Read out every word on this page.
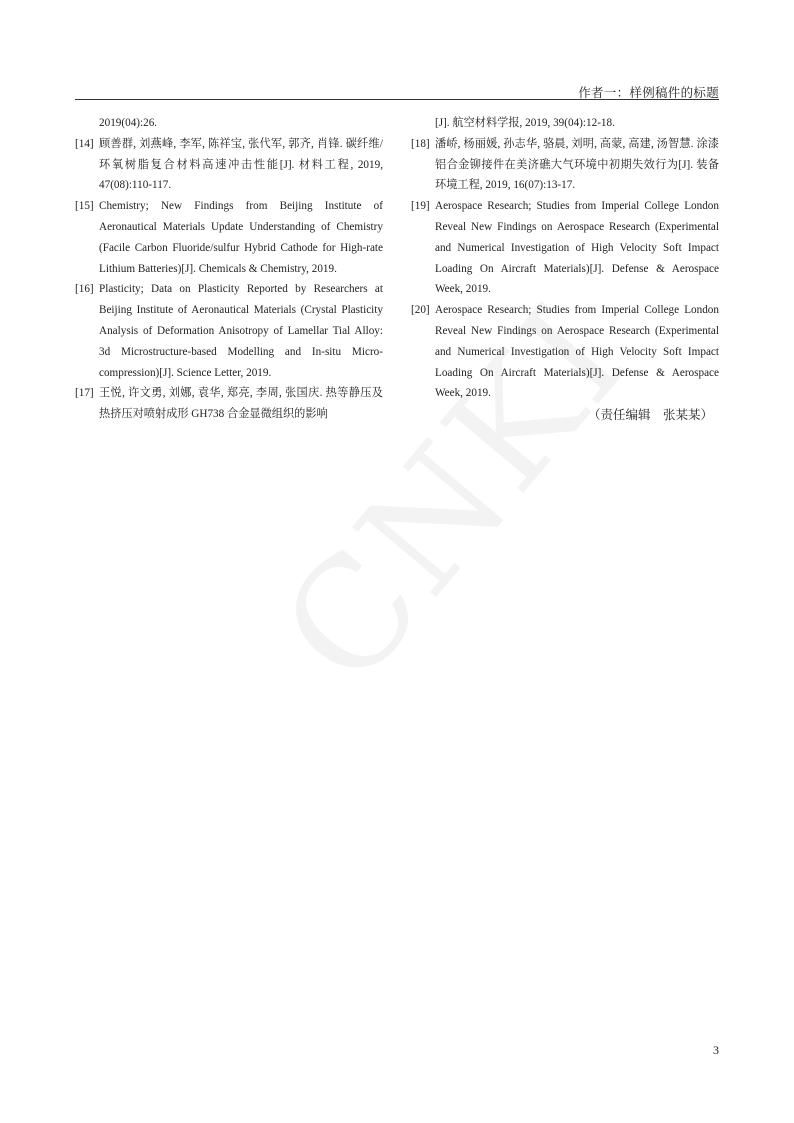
作者一：样例稿件的标题
2019(04):26.
[14] 顾善群, 刘燕峰, 李军, 陈祥宝, 张代军, 郭齐, 肖锋. 碳纤维/环氧树脂复合材料高速冲击性能[J]. 材料工程, 2019, 47(08):110-117.
[15] Chemistry; New Findings from Beijing Institute of Aeronautical Materials Update Understanding of Chemistry (Facile Carbon Fluoride/sulfur Hybrid Cathode for High-rate Lithium Batteries)[J]. Chemicals & Chemistry, 2019.
[16] Plasticity; Data on Plasticity Reported by Researchers at Beijing Institute of Aeronautical Materials (Crystal Plasticity Analysis of Deformation Anisotropy of Lamellar Tial Alloy: 3d Microstructure-based Modelling and In-situ Micro-compression)[J]. Science Letter, 2019.
[17] 王悦, 许文勇, 刘娜, 袁华, 郑亮, 李周, 张国庆. 热等静压及热挤压对喷射成形 GH738 合金显微组织的影响
[J]. 航空材料学报, 2019, 39(04):12-18.
[18] 潘峤, 杨丽媛, 孙志华, 骆晨, 刘明, 高蒙, 高建, 汤智慧. 涂漆铝合金铆接件在美济礁大气环境中初期失效行为[J]. 装备环境工程, 2019, 16(07):13-17.
[19] Aerospace Research; Studies from Imperial College London Reveal New Findings on Aerospace Research (Experimental and Numerical Investigation of High Velocity Soft Impact Loading On Aircraft Materials)[J]. Defense & Aerospace Week, 2019.
[20] Aerospace Research; Studies from Imperial College London Reveal New Findings on Aerospace Research (Experimental and Numerical Investigation of High Velocity Soft Impact Loading On Aircraft Materials)[J]. Defense & Aerospace Week, 2019.
（责任编辑　张某某）
3
